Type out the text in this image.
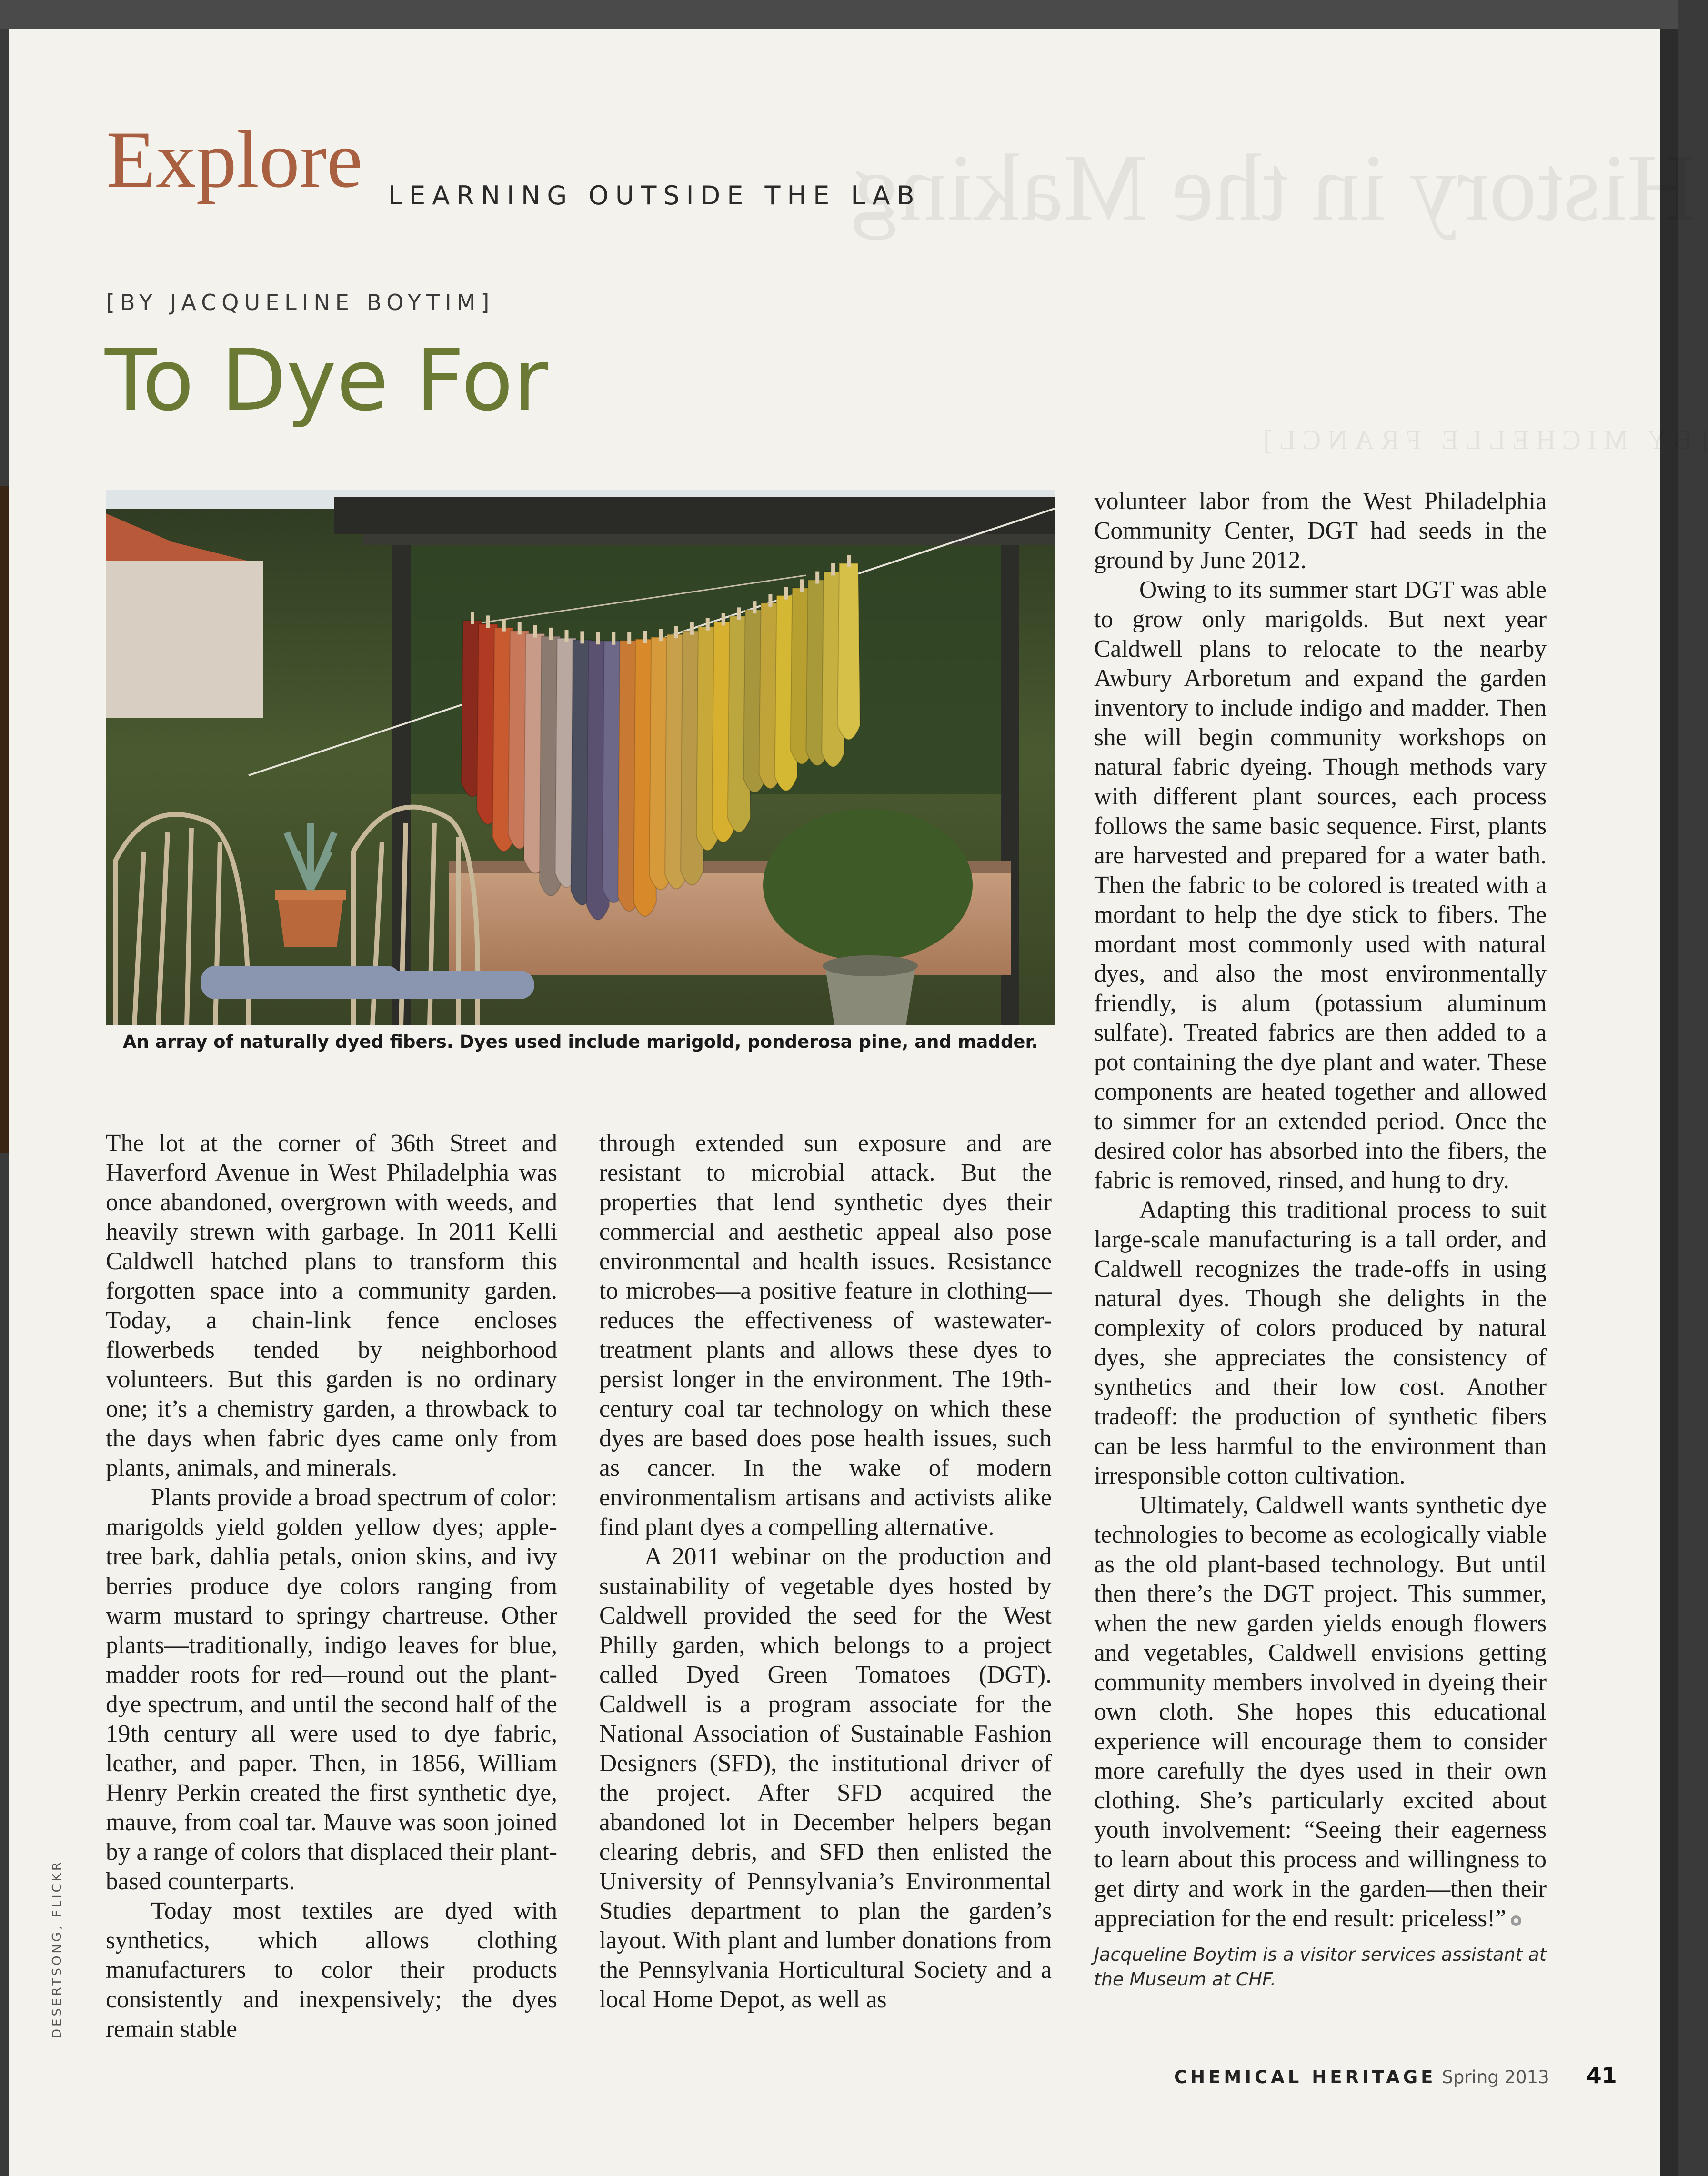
History in the Making
[BY MICHELLE FRANCL]
Explore LEARNING OUTSIDE THE LAB
[BY JACQUELINE BOYTIM]
To Dye For
An array of naturally dyed fibers. Dyes used include marigold, ponderosa pine, and madder.

The lot at the corner of 36th Street and Haverford Avenue in West Philadelphia was once abandoned, overgrown with weeds, and heavily strewn with garbage. In 2011 Kelli Caldwell hatched plans to transform this forgotten space into a community garden. Today, a chain-link fence encloses flowerbeds tended by neighborhood volunteers. But this garden is no ordinary one; it’s a chemistry garden, a throwback to the days when fabric dyes came only from plants, animals, and minerals.

Plants provide a broad spectrum of color: marigolds yield golden yellow dyes; apple-tree bark, dahlia petals, onion skins, and ivy berries produce dye colors ranging from warm mustard to springy chartreuse. Other plants—traditionally, indigo leaves for blue, madder roots for red—round out the plant-dye spectrum, and until the second half of the 19th century all were used to dye fabric, leather, and paper. Then, in 1856, William Henry Perkin created the first synthetic dye, mauve, from coal tar. Mauve was soon joined by a range of colors that displaced their plant-based counterparts.

Today most textiles are dyed with synthetics, which allows clothing manufacturers to color their products consistently and inexpensively; the dyes remain stable

through extended sun exposure and are resistant to microbial attack. But the properties that lend synthetic dyes their commercial and aesthetic appeal also pose environmental and health issues. Resistance to microbes—a positive feature in clothing—reduces the effectiveness of wastewater-treatment plants and allows these dyes to persist longer in the environment. The 19th-century coal tar technology on which these dyes are based does pose health issues, such as cancer. In the wake of modern environmentalism artisans and activists alike find plant dyes a compelling alternative.

A 2011 webinar on the production and sustainability of vegetable dyes hosted by Caldwell provided the seed for the West Philly garden, which belongs to a project called Dyed Green Tomatoes (DGT). Caldwell is a program associate for the National Association of Sustainable Fashion Designers (SFD), the institutional driver of the project. After SFD acquired the abandoned lot in December helpers began clearing debris, and SFD then enlisted the University of Pennsylvania’s Environmental Studies department to plan the garden’s layout. With plant and lumber donations from the Pennsylvania Horticultural Society and a local Home Depot, as well as

volunteer labor from the West Philadelphia Community Center, DGT had seeds in the ground by June 2012.

Owing to its summer start DGT was able to grow only marigolds. But next year Caldwell plans to relocate to the nearby Awbury Arboretum and expand the garden inventory to include indigo and madder. Then she will begin community workshops on natural fabric dyeing. Though methods vary with different plant sources, each process follows the same basic sequence. First, plants are harvested and prepared for a water bath. Then the fabric to be colored is treated with a mordant to help the dye stick to fibers. The mordant most commonly used with natural dyes, and also the most environmentally friendly, is alum (potassium aluminum sulfate). Treated fabrics are then added to a pot containing the dye plant and water. These components are heated together and allowed to simmer for an extended period. Once the desired color has absorbed into the fibers, the fabric is removed, rinsed, and hung to dry.

Adapting this traditional process to suit large-scale manufacturing is a tall order, and Caldwell recognizes the trade-offs in using natural dyes. Though she delights in the complexity of colors produced by natural dyes, she appreciates the consistency of synthetics and their low cost. Another tradeoff: the production of synthetic fibers can be less harmful to the environment than irresponsible cotton cultivation.

Ultimately, Caldwell wants synthetic dye technologies to become as ecologically viable as the old plant-based technology. But until then there’s the DGT project. This summer, when the new garden yields enough flowers and vegetables, Caldwell envisions getting community members involved in dyeing their own cloth. She hopes this educational experience will encourage them to consider more carefully the dyes used in their own clothing. She’s particularly excited about youth involvement: “Seeing their eagerness to learn about this process and willingness to get dirty and work in the garden—then their appreciation for the end result: priceless!”

Jacqueline Boytim is a visitor services assistant at the Museum at CHF.
DESERTSONG, FLICKR
CHEMICAL HERITAGE Spring 2013 41
